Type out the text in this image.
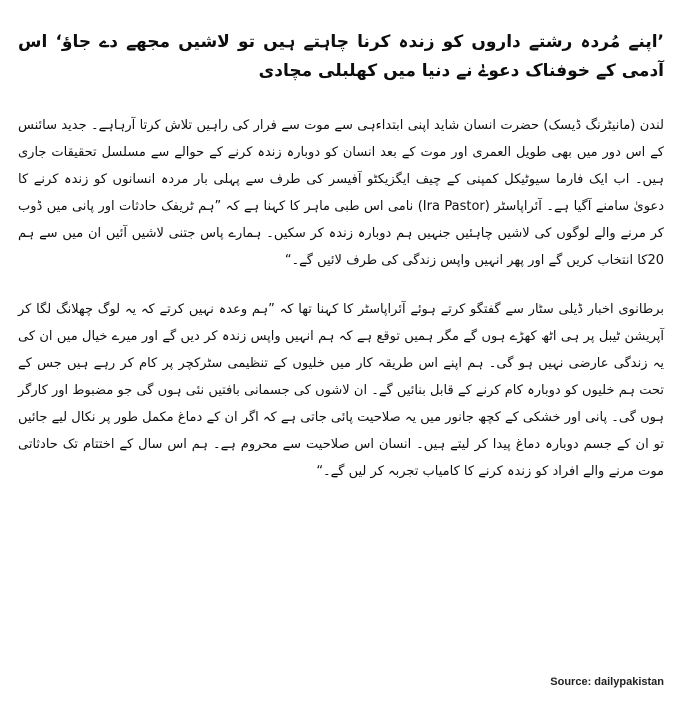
’اپنے مُردہ رشتے داروں کو زندہ کرنا چاہتے ہیں تو لاشیں مجھے دے جاؤ‘ اس آدمی کے خوفناک دعوےٰ نے دنیا میں کھلبلی مچادی

لندن (مانیٹرنگ ڈیسک) حضرت انسان شاید اپنی ابتداءہی سے موت سے فرار کی راہیں تلاش کرتا آرہاہے۔ جدید سائنس کے اس دور میں بھی طویل العمری اور موت کے بعد انسان کو دوبارہ زندہ کرنے کے حوالے سے مسلسل تحقیقات جاری ہیں۔ اب ایک فارما سیوٹیکل کمپنی کے چیف ایگزیکٹو آفیسر کی طرف سے پہلی بار مردہ انسانوں کو زندہ کرنے کا دعویٰ سامنے آگیا ہے۔ آئراپاسٹر (Ira Pastor) نامی اس طبی ماہر کا کہنا ہے کہ ”ہم ٹریفک حادثات اور پانی میں ڈوب کر مرنے والے لوگوں کی لاشیں چاہئیں جنہیں ہم دوبارہ زندہ کر سکیں۔ ہمارے پاس جتنی لاشیں آئیں ان میں سے ہم 20کا انتخاب کریں گے اور پھر انہیں واپس زندگی کی طرف لائیں گے۔“

برطانوی اخبار ڈیلی سٹار سے گفتگو کرتے ہوئے آئراپاسٹر کا کہنا تھا کہ ”ہم وعدہ نہیں کرتے کہ یہ لوگ چھلانگ لگا کر آپریشن ٹیبل پر ہی اٹھ کھڑے ہوں گے مگر ہمیں توقع ہے کہ ہم انہیں واپس زندہ کر دیں گے اور میرے خیال میں ان کی یہ زندگی عارضی نہیں ہو گی۔ ہم اپنے اس طریقہ کار میں خلیوں کے تنظیمی سٹرکچر پر کام کر رہے ہیں جس کے تحت ہم خلیوں کو دوبارہ کام کرنے کے قابل بنائیں گے۔ ان لاشوں کی جسمانی بافتیں نئی ہوں گی جو مضبوط اور کارگر ہوں گی۔ پانی اور خشکی کے کچھ جانور میں یہ صلاحیت پائی جاتی ہے کہ اگر ان کے دماغ مکمل طور پر نکال لیے جائیں تو ان کے جسم دوبارہ دماغ پیدا کر لیتے ہیں۔ انسان اس صلاحیت سے محروم ہے۔ ہم اس سال کے اختتام تک حادثاتی موت مرنے والے افراد کو زندہ کرنے کا کامیاب تجربہ کر لیں گے۔“

Source: dailypakistan
